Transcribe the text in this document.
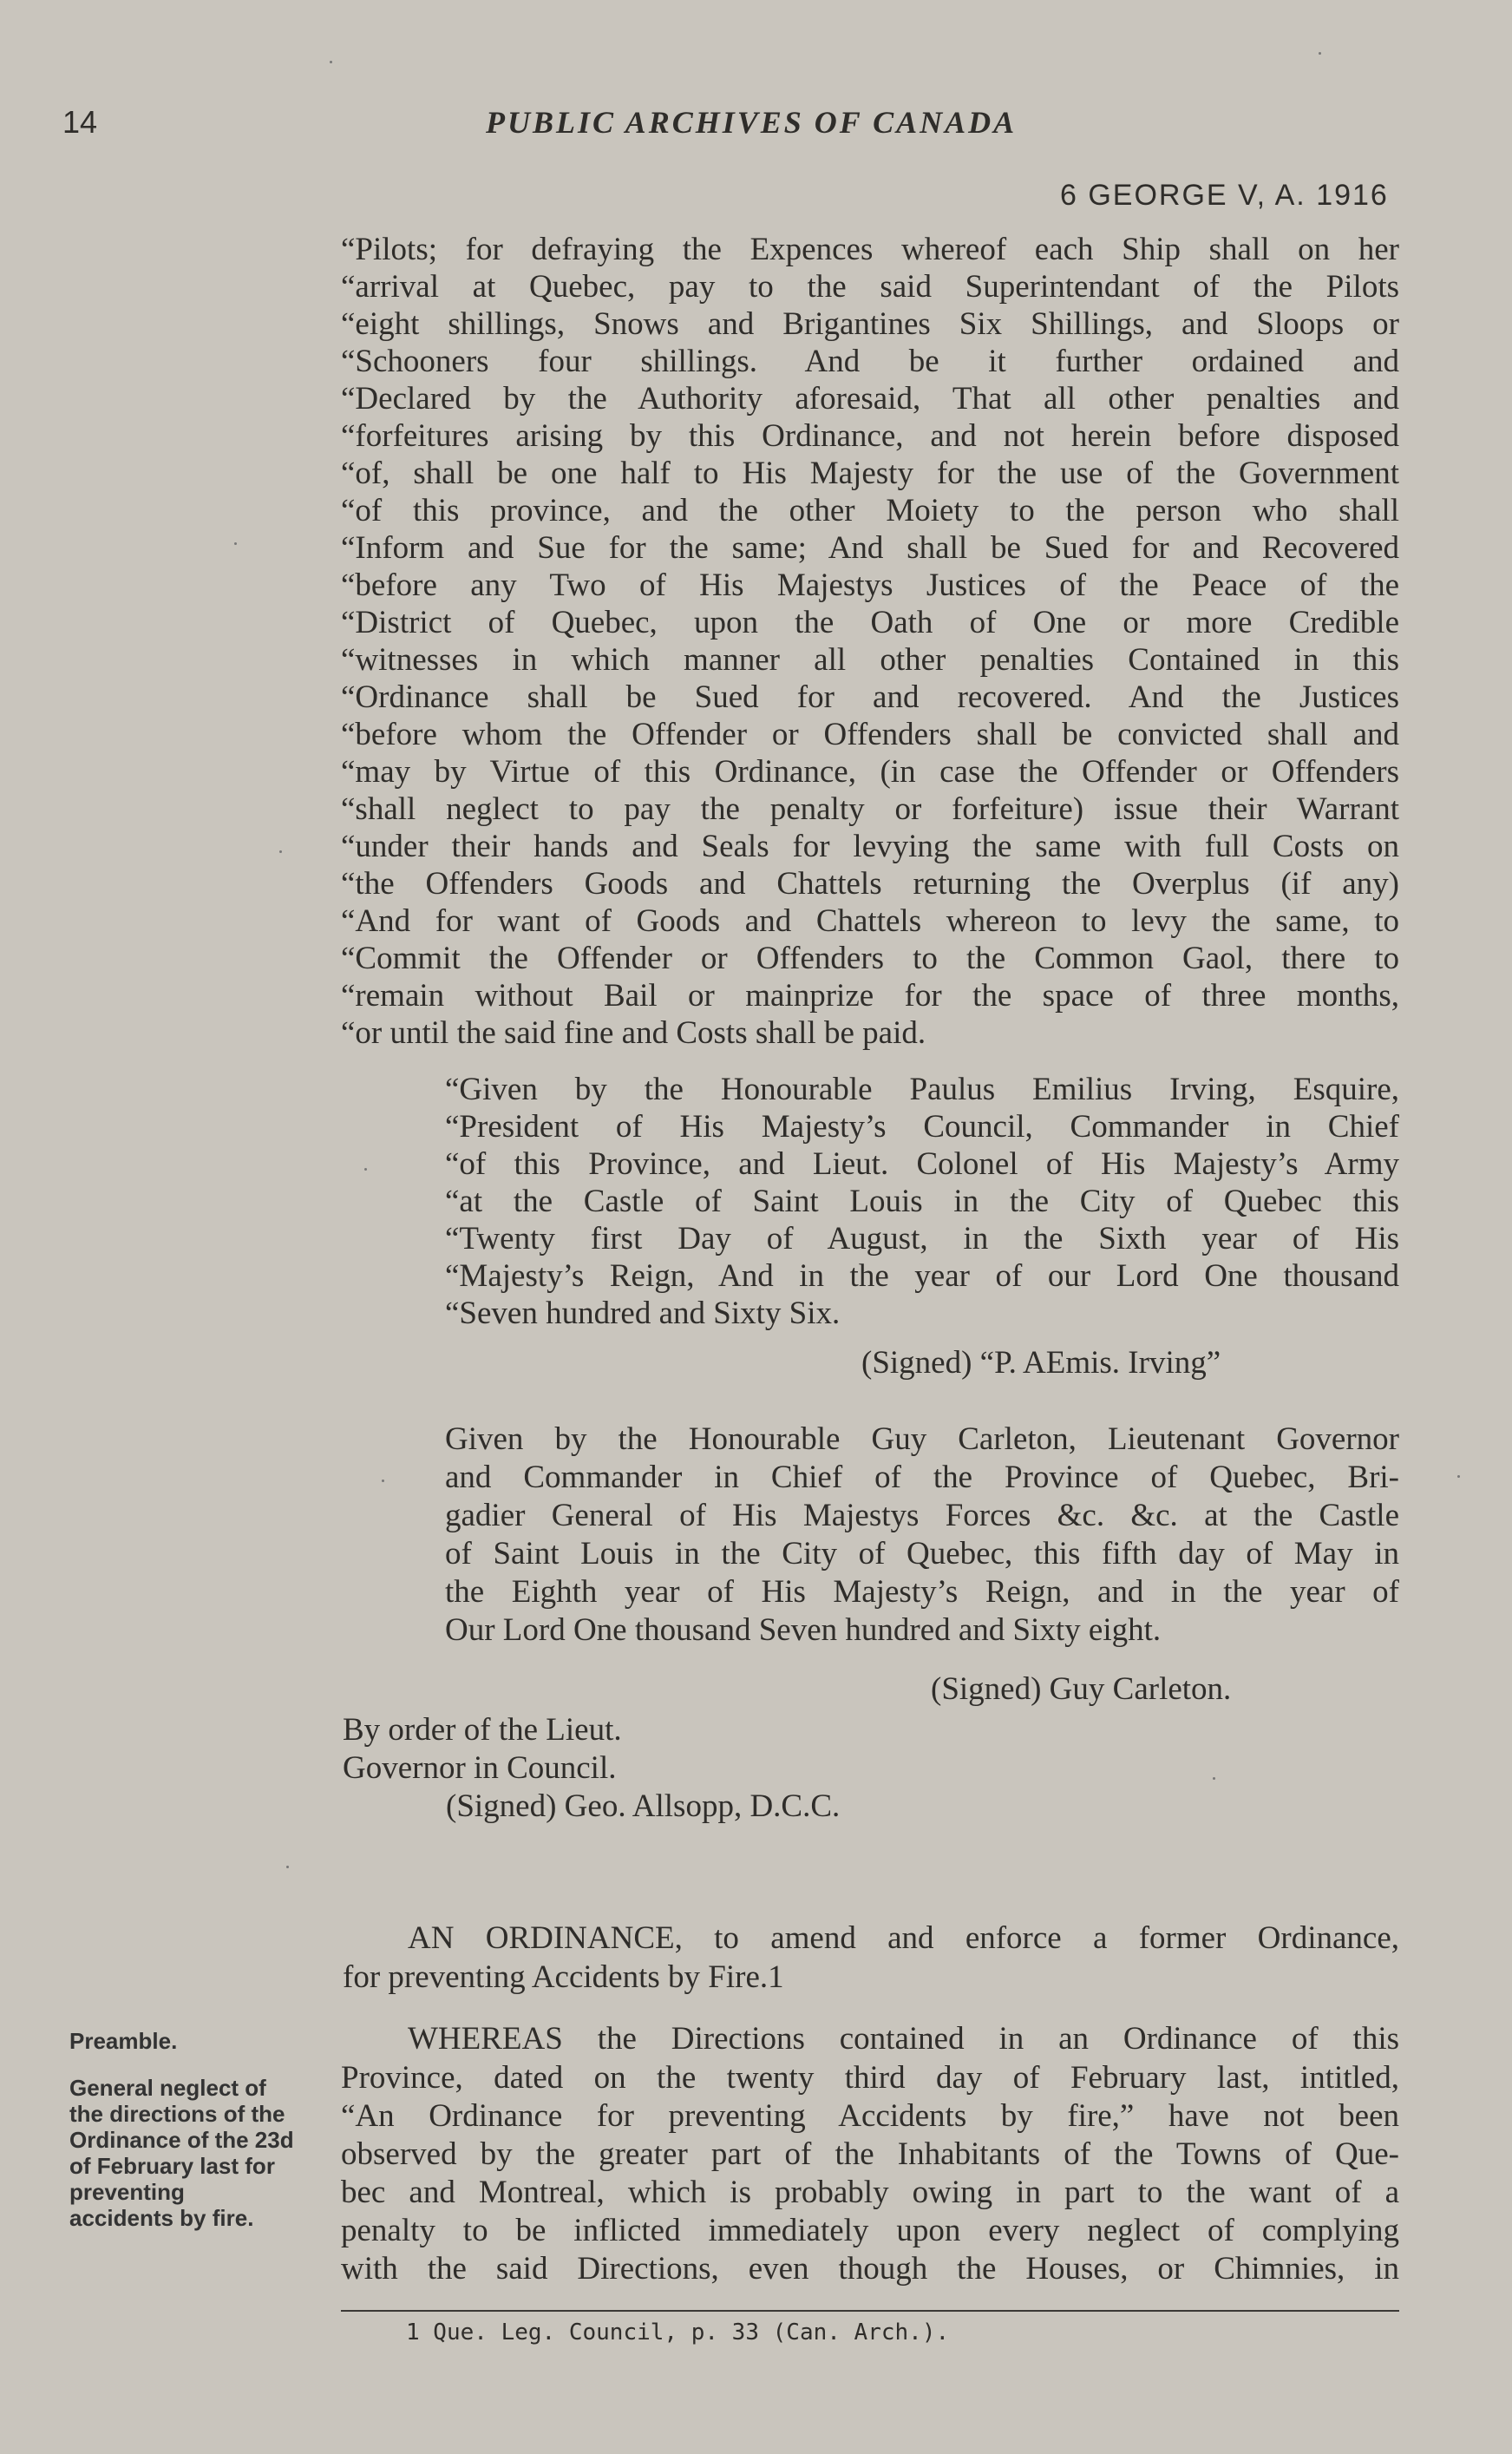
14	PUBLIC ARCHIVES OF CANADA
6 GEORGE V, A. 1916
“Pilots; for defraying the Expences whereof each Ship shall on her
“arrival at Quebec, pay to the said Superintendant of the Pilots
“eight shillings, Snows and Brigantines Six Shillings, and Sloops or
“Schooners four shillings. And be it further ordained and
“Declared by the Authority aforesaid, That all other penalties and
“forfeitures arising by this Ordinance, and not herein before disposed
“of, shall be one half to His Majesty for the use of the Government
“of this province, and the other Moiety to the person who shall
“Inform and Sue for the same; And shall be Sued for and Recovered
“before any Two of His Majestys Justices of the Peace of the
“District of Quebec, upon the Oath of One or more Credible
“witnesses in which manner all other penalties Contained in this
“Ordinance shall be Sued for and recovered. And the Justices
“before whom the Offender or Offenders shall be convicted shall and
“may by Virtue of this Ordinance, (in case the Offender or Offenders
“shall neglect to pay the penalty or forfeiture) issue their Warrant
“under their hands and Seals for levying the same with full Costs on
“the Offenders Goods and Chattels returning the Overplus (if any)
“And for want of Goods and Chattels whereon to levy the same, to
“Commit the Offender or Offenders to the Common Gaol, there to
“remain without Bail or mainprize for the space of three months,
“or until the said fine and Costs shall be paid.
“Given by the Honourable Paulus Emilius Irving, Esquire,
“President of His Majesty’s Council, Commander in Chief
“of this Province, and Lieut. Colonel of His Majesty’s Army
“at the Castle of Saint Louis in the City of Quebec this
“Twenty first Day of August, in the Sixth year of His
“Majesty’s Reign, And in the year of our Lord One thousand
“Seven hundred and Sixty Six.
(Signed) “P. AEmis. Irving”
Given by the Honourable Guy Carleton, Lieutenant Governor
and Commander in Chief of the Province of Quebec, Bri-
gadier General of His Majestys Forces &c. &c. at the Castle
of Saint Louis in the City of Quebec, this fifth day of May in
the Eighth year of His Majesty’s Reign, and in the year of
Our Lord One thousand Seven hundred and Sixty eight.
(Signed) Guy Carleton.
By order of the Lieut.
Governor in Council.
(Signed) Geo. Allsopp, D.C.C.
AN ORDINANCE, to amend and enforce a former Ordinance,
for preventing Accidents by Fire.1
Preamble.
General neglect of the directions of the Ordinance of the 23d of February last for preventing accidents by fire.
WHEREAS the Directions contained in an Ordinance of this
Province, dated on the twenty third day of February last, intitled,
“An Ordinance for preventing Accidents by fire,” have not been
observed by the greater part of the Inhabitants of the Towns of Que-
bec and Montreal, which is probably owing in part to the want of a
penalty to be inflicted immediately upon every neglect of complying
with the said Directions, even though the Houses, or Chimnies, in
1 Que. Leg. Council, p. 33 (Can. Arch.).
